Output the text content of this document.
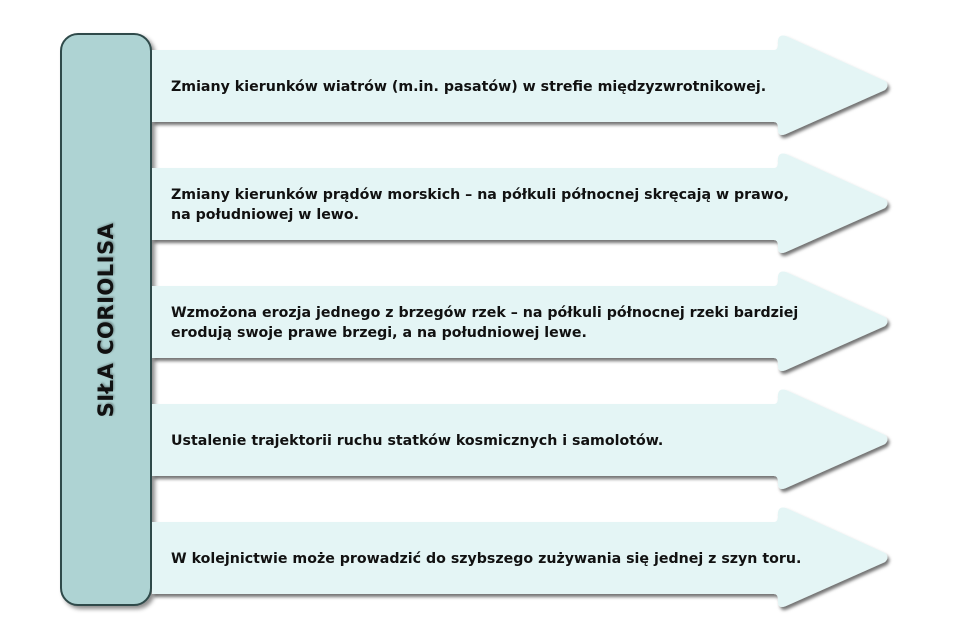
SIŁA CORIOLISA
Zmiany kierunków wiatrów (m.in. pasatów) w strefie międzyzwrotnikowej.
Zmiany kierunków prądów morskich – na półkuli północnej skręcają w prawo, na południowej w lewo.
Wzmożona erozja jednego z brzegów rzek – na półkuli północnej rzeki bardziej erodują swoje prawe brzegi, a na południowej lewe.
Ustalenie trajektorii ruchu statków kosmicznych i samolotów.
W kolejnictwie może prowadzić do szybszego zużywania się jednej z szyn toru.
